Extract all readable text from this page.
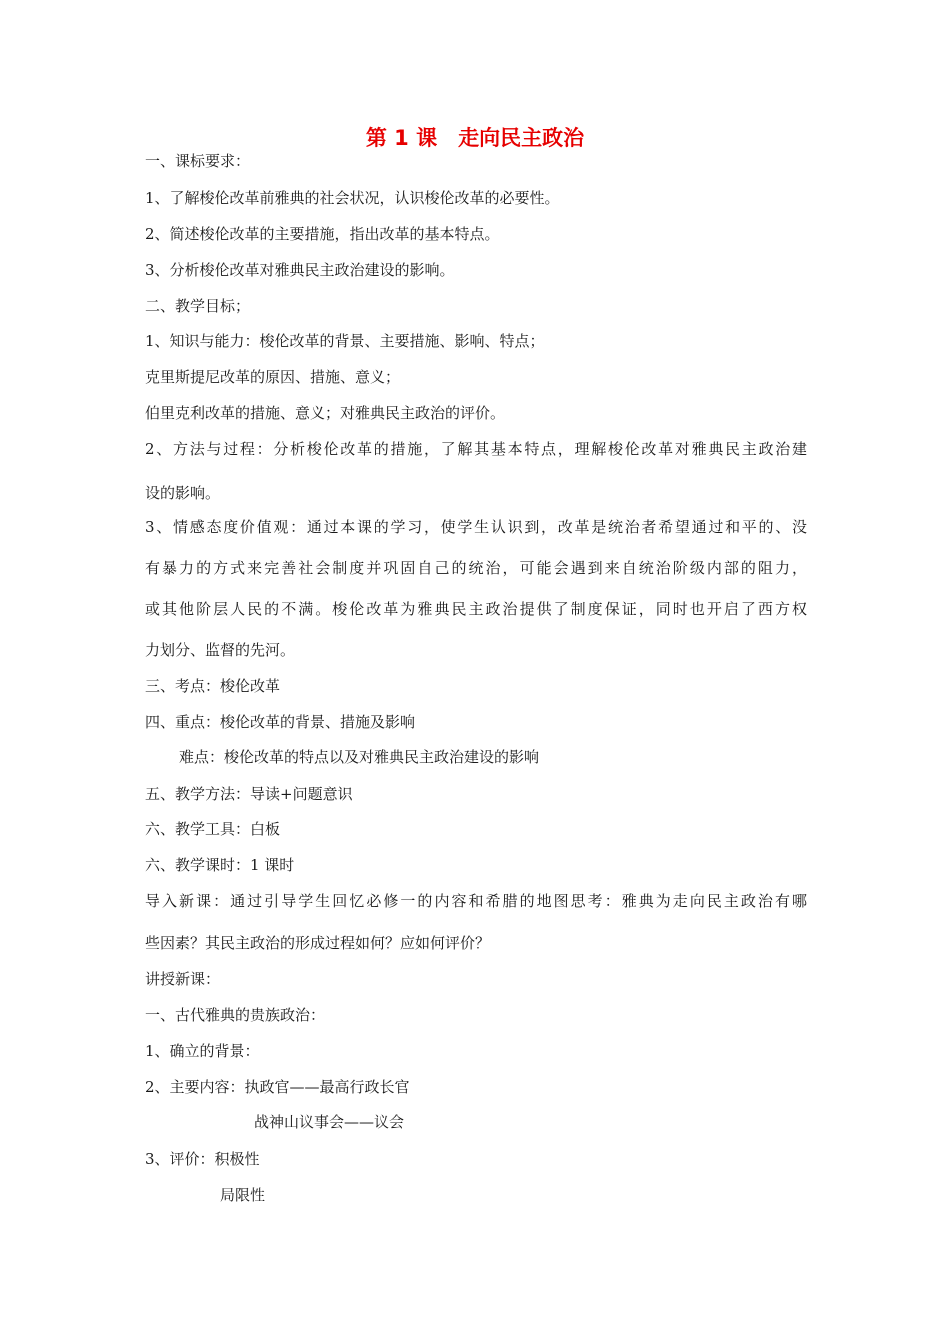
第 1 课　走向民主政治
一、课标要求：
1、了解梭伦改革前雅典的社会状况，认识梭伦改革的必要性。
2、简述梭伦改革的主要措施，指出改革的基本特点。
3、分析梭伦改革对雅典民主政治建设的影响。
二、教学目标；
1、知识与能力：梭伦改革的背景、主要措施、影响、特点；
克里斯提尼改革的原因、措施、意义；
伯里克利改革的措施、意义；对雅典民主政治的评价。
2、方法与过程：分析梭伦改革的措施，了解其基本特点，理解梭伦改革对雅典民主政治建
设的影响。
3、情感态度价值观：通过本课的学习，使学生认识到，改革是统治者希望通过和平的、没
有暴力的方式来完善社会制度并巩固自己的统治，可能会遇到来自统治阶级内部的阻力，
或其他阶层人民的不满。梭伦改革为雅典民主政治提供了制度保证，同时也开启了西方权
力划分、监督的先河。
三、考点：梭伦改革
四、重点：梭伦改革的背景、措施及影响
难点：梭伦改革的特点以及对雅典民主政治建设的影响
五、教学方法：导读+问题意识
六、教学工具：白板
六、教学课时：1 课时
导入新课：通过引导学生回忆必修一的内容和希腊的地图思考：雅典为走向民主政治有哪
些因素？其民主政治的形成过程如何？应如何评价？
讲授新课：
一、古代雅典的贵族政治：
1、确立的背景：
2、主要内容：执政官——最高行政长官
战神山议事会——议会
3、评价：积极性
局限性
